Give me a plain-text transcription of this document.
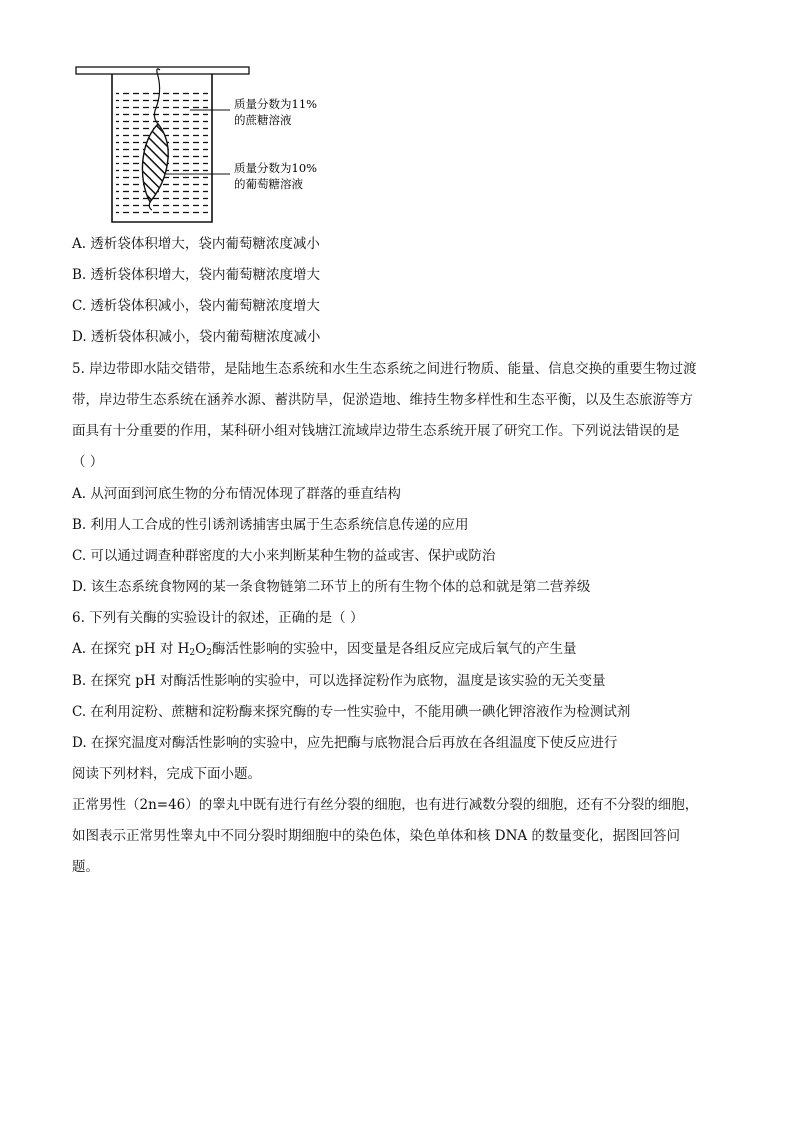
质量分数为11%
的蔗糖溶液
质量分数为10%
的葡萄糖溶液
A. 透析袋体积增大，袋内葡萄糖浓度减小
B. 透析袋体积增大，袋内葡萄糖浓度增大
C. 透析袋体积减小，袋内葡萄糖浓度增大
D. 透析袋体积减小，袋内葡萄糖浓度减小
5. 岸边带即水陆交错带，是陆地生态系统和水生生态系统之间进行物质、能量、信息交换的重要生物过渡
带，岸边带生态系统在涵养水源、蓄洪防旱，促淤造地、维持生物多样性和生态平衡，以及生态旅游等方
面具有十分重要的作用，某科研小组对钱塘江流域岸边带生态系统开展了研究工作。下列说法错误的是
（ ）
A. 从河面到河底生物的分布情况体现了群落的垂直结构
B. 利用人工合成的性引诱剂诱捕害虫属于生态系统信息传递的应用
C. 可以通过调查种群密度的大小来判断某种生物的益或害、保护或防治
D. 该生态系统食物网的某一条食物链第二环节上的所有生物个体的总和就是第二营养级
6. 下列有关酶的实验设计的叙述，正确的是（ ）
A. 在探究 pH 对 $H_2O_2$酶活性影响的实验中，因变量是各组反应完成后氧气的产生量
B. 在探究 pH 对酶活性影响的实验中，可以选择淀粉作为底物，温度是该实验的无关变量
C. 在利用淀粉、蔗糖和淀粉酶来探究酶的专一性实验中，不能用碘一碘化钾溶液作为检测试剂
D. 在探究温度对酶活性影响的实验中，应先把酶与底物混合后再放在各组温度下使反应进行
阅读下列材料，完成下面小题。
正常男性（2n=46）的睾丸中既有进行有丝分裂的细胞，也有进行减数分裂的细胞，还有不分裂的细胞，
如图表示正常男性睾丸中不同分裂时期细胞中的染色体，染色单体和核 DNA 的数量变化，据图回答问
题。
